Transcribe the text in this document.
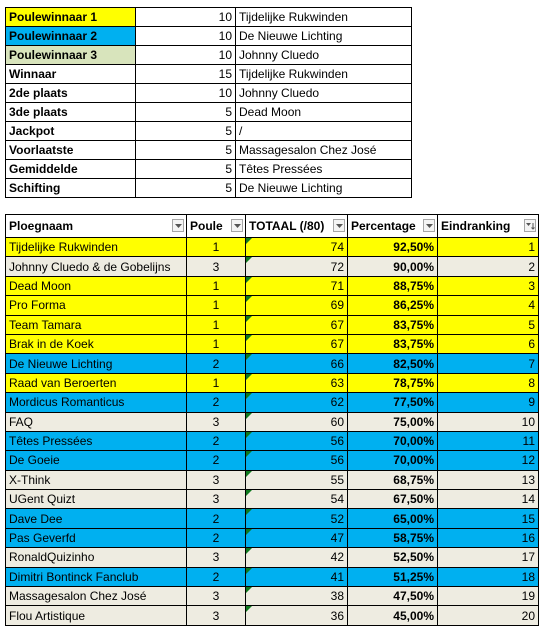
Poulewinnaar 1	10	Tijdelijke Rukwinden
Poulewinnaar 2	10	De Nieuwe Lichting
Poulewinnaar 3	10	Johnny Cluedo
Winnaar	15	Tijdelijke Rukwinden
2de plaats	10	Johnny Cluedo
3de plaats	5	Dead Moon
Jackpot	5	/
Voorlaatste	5	Massagesalon Chez José
Gemiddelde	5	Têtes Pressées
Schifting	5	De Nieuwe Lichting
Ploegnaam	Poule	TOTAAL (/80)	Percentage	Eindranking

Tijdelijke Rukwinden	1	74	92,50%	1
Johnny Cluedo & de Gobelijns	3	72	90,00%	2
Dead Moon	1	71	88,75%	3
Pro Forma	1	69	86,25%	4
Team Tamara	1	67	83,75%	5
Brak in de Koek	1	67	83,75%	6
De Nieuwe Lichting	2	66	82,50%	7
Raad van Beroerten	1	63	78,75%	8
Mordicus Romanticus	2	62	77,50%	9
FAQ	3	60	75,00%	10
Têtes Pressées	2	56	70,00%	11
De Goeie	2	56	70,00%	12
X-Think	3	55	68,75%	13
UGent Quizt	3	54	67,50%	14
Dave Dee	2	52	65,00%	15
Pas Geverfd	2	47	58,75%	16
RonaldQuizinho	3	42	52,50%	17
Dimitri Bontinck Fanclub	2	41	51,25%	18
Massagesalon Chez José	3	38	47,50%	19
Flou Artistique	3	36	45,00%	20
